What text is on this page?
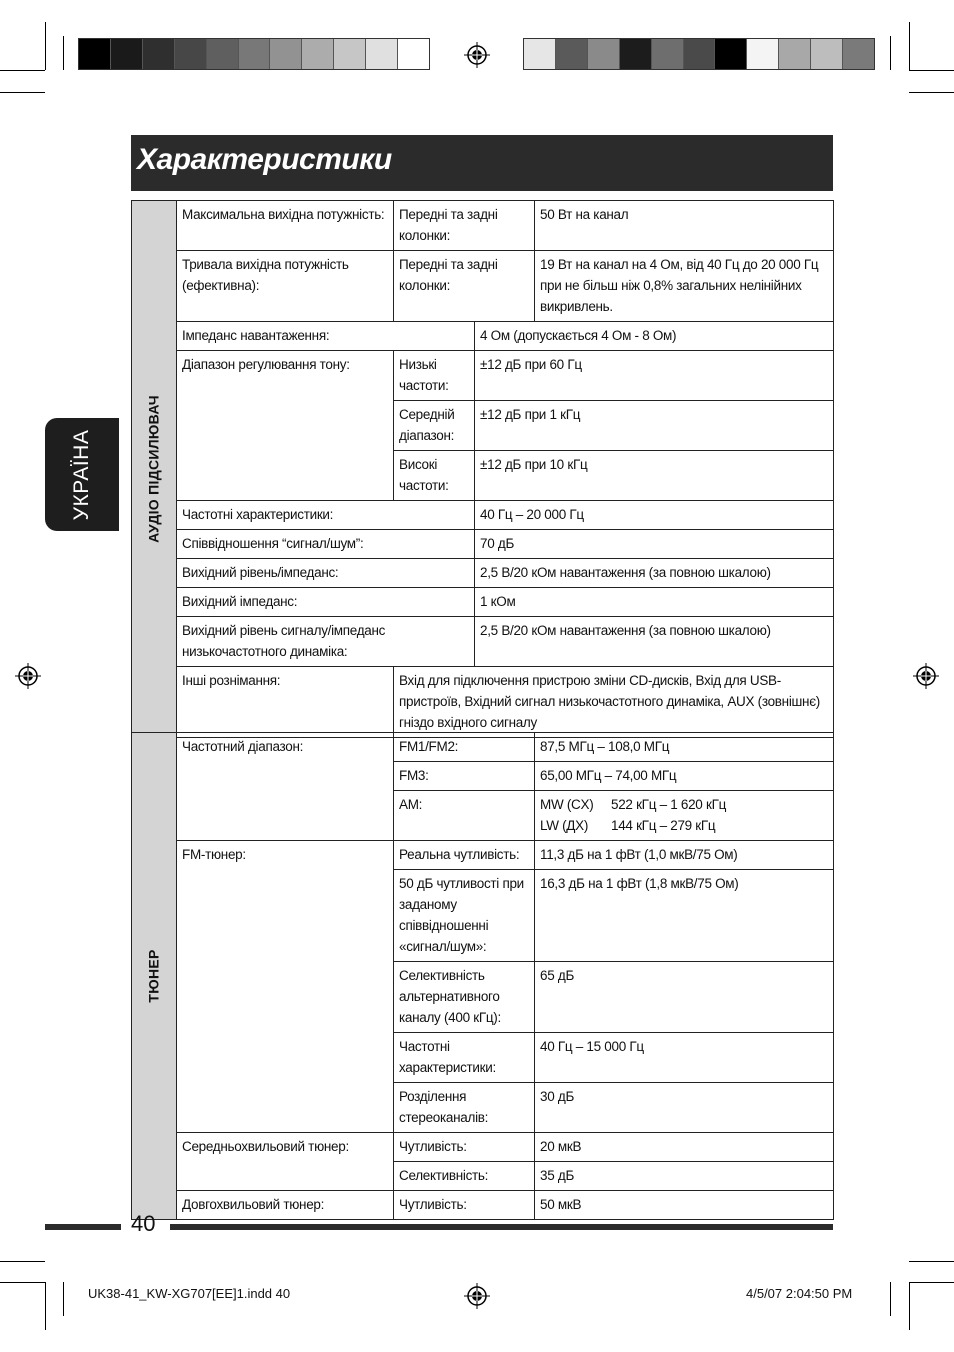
Характеристики
УКРАЇНА	АУДІО ПІДСИЛЮВАЧ	Максимальна вихідна потужність:	Передні та задні колонки:		50 Вт на канал
	Тривала вихідна потужність (ефективна):	Передні та задні колонки:		19 Вт на канал на 4 Ом, від 40 Гц до 20 000 Гц при не більш ніж 0,8% загальних нелінійних викривлень.
	Імпеданс навантаження:		4 Ом (допускається 4 Ом - 8 Ом)	
	Діапазон регулювання тону:	Низькі частоти:	±12 дБ при 60 Гц	
		Середній діапазон:	±12 дБ при 1 кГц	
		Високі частоти:	±12 дБ при 10 кГц	
	Частотні характеристики:		40 Гц – 20 000 Гц	
	Співвідношення “сигнал/шум”:		70 дБ	
	Вихідний рівень/імпеданс:		2,5 В/20 кОм навантаження (за повною шкалою)	
	Вихідний імпеданс:		1 кОм	
	Вихідний рівень сигналу/імпеданс низькочастотного динаміка:		2,5 В/20 кОм навантаження (за повною шкалою)	
	Інші рознімання:	Вхід для підключення пристрою зміни CD-дисків, Вхід для USB-пристроїв, Вхідний сигнал низькочастотного динаміка, AUX (зовнішнє) гніздо вхідного сигналу		
ТЮНЕР	Частотний діапазон:	FM1/FM2:	87,5 МГц – 108,0 МГц
		FM3:	65,00 МГц – 74,00 МГц
		AM:	MW (CX) 522 кГц – 1 620 кГц
LW (ДХ) 144 кГц – 279 кГц

	FM-тюнер:	Реальна чутливість:	11,3 дБ на 1 фВт (1,0 мкВ/75 Ом)
		50 дБ чутливості при заданому співвідношенні «сигнал/шум»:	16,3 дБ на 1 фВт (1,8 мкВ/75 Ом)
		Селективність альтернативного каналу (400 кГц):	65 дБ
		Частотні характеристики:	40 Гц – 15 000 Гц
		Розділення стереоканалів:	30 дБ
	Середньохвильовий тюнер:	Чутливість:	20 мкВ
		Селективність:	35 дБ
	Довгохвильовий тюнер:	Чутливість:	50 мкВ
40
UK38-41_KW-XG707[EE]1.indd 40	4/5/07 2:04:50 PM
